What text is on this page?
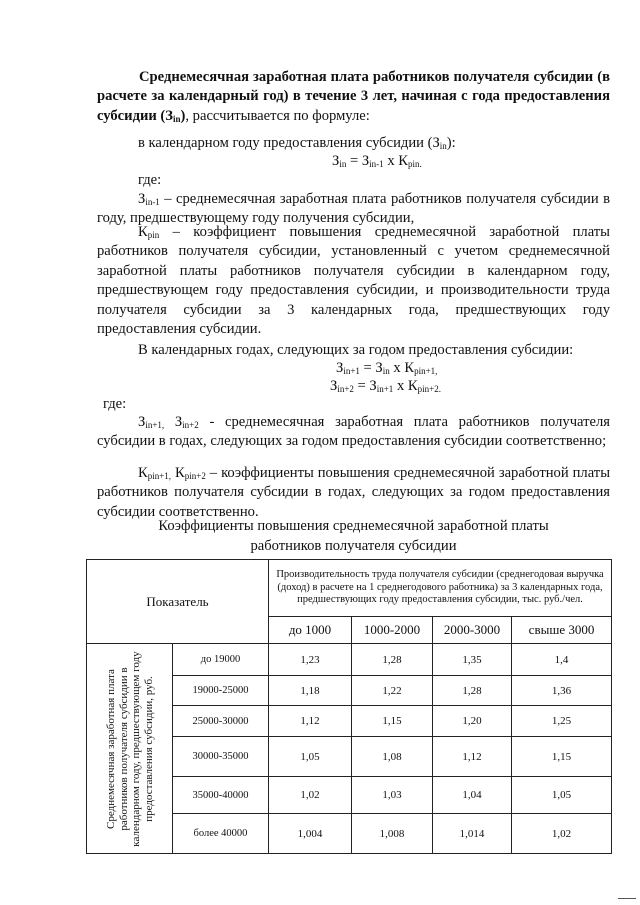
Среднемесячная заработная плата работников получателя субсидии (в расчете за календарный год) в течение 3 лет, начиная с года предоставления субсидии $(З_{in})$, рассчитывается по формуле:

в календарном году предоставления субсидии $(З_{in})$:
$З_{in} = З_{in-1}$ х $К_{pin.}$
где:

$З_{in-1}$ – среднемесячная заработная плата работников получателя субсидии в году, предшествующему году получения субсидии,

$К_{pin}$ – коэффициент повышения среднемесячной заработной платы работников получателя субсидии, установленный с учетом среднемесячной заработной платы работников получателя субсидии в календарном году, предшествующем году предоставления субсидии, и производительности труда получателя субсидии за 3 календарных года, предшествующих году предоставления субсидии.

В календарных годах, следующих за годом предоставления субсидии:
$З_{in+1} = З_{in}$ х $К_{pin+1,}$
$З_{in+2} = З_{in+1}$ х $К_{pin+2.}$
где:

$З_{in+1,}$ $З_{in+2}$ - среднемесячная заработная плата работников получателя субсидии в годах, следующих за годом предоставления субсидии соответственно;

$К_{pin+1,}$ $К_{pin+2}$ – коэффициенты повышения среднемесячной заработной платы работников получателя субсидии в годах, следующих за годом предоставления субсидии соответственно.

Коэффициенты повышения среднемесячной заработной платы
работников получателя субсидии
Показатель		Производительность труда получателя субсидии (среднегодовая выручка (доход) в расчете на 1 среднегодового работника) за 3 календарных года, предшествующих году предоставления субсидии, тыс. руб./чел.			
		до 1000	1000-2000	2000-3000	свыше 3000

Среднемесячная заработная плата работников получателя субсидии в календарном году, предшествующем году предоставления субсидии, руб.	до 19000	1,23	1,28	1,35	1,4
	19000-25000	1,18	1,22	1,28	1,36
	25000-30000	1,12	1,15	1,20	1,25
	30000-35000	1,05	1,08	1,12	1,15
	35000-40000	1,02	1,03	1,04	1,05
	более 40000	1,004	1,008	1,014	1,02
